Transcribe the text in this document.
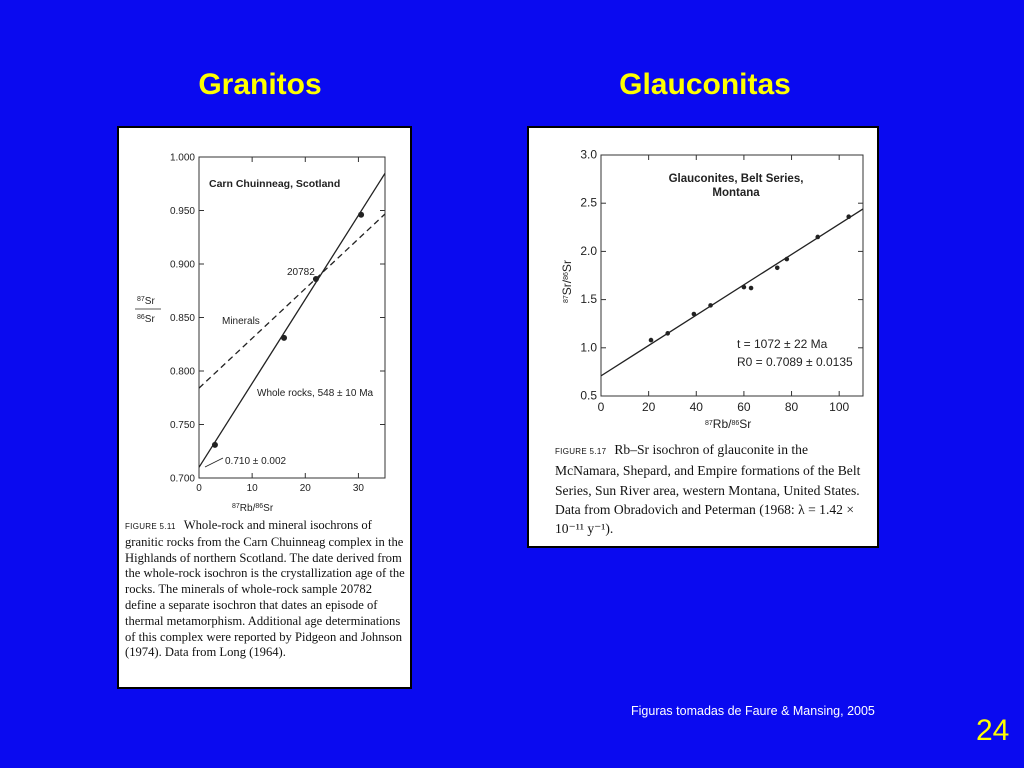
Granitos	Glauconitas
0.700
0.750
0.800
0.850
0.900
0.950
1.000
0	10	20	30
Carn Chuinneag, Scotland
20782
Minerals
Whole rocks, 548 ± 10 Ma
0.710 ± 0.002
$^{87}$Rb/$^{86}$Sr
$^{87}$Sr
$^{86}$Sr
FIGURE 5.11 Whole-rock and mineral isochrons of granitic rocks from the Carn Chuinneag complex in the Highlands of northern Scotland. The date derived from the whole-rock isochron is the crystallization age of the rocks. The minerals of whole-rock sample 20782 define a separate isochron that dates an episode of thermal metamorphism. Additional age determinations of this complex were reported by Pidgeon and Johnson (1974). Data from Long (1964).
0.5
1.0
1.5
2.0
2.5
3.0
0	20	40	60	80	100
Glauconites, Belt Series,
Montana
t = 1072 ± 22 Ma
R0 = 0.7089 ± 0.0135
$^{87}$Rb/$^{86}$Sr
$^{87}$Sr/$^{86}$Sr
FIGURE 5.17 Rb–Sr isochron of glauconite in the McNamara, Shepard, and Empire formations of the Belt Series, Sun River area, western Montana, United States. Data from Obradovich and Peterman (1968: λ = 1.42 × 10⁻¹¹ y⁻¹).
Figuras tomadas de Faure & Mansing, 2005
24
